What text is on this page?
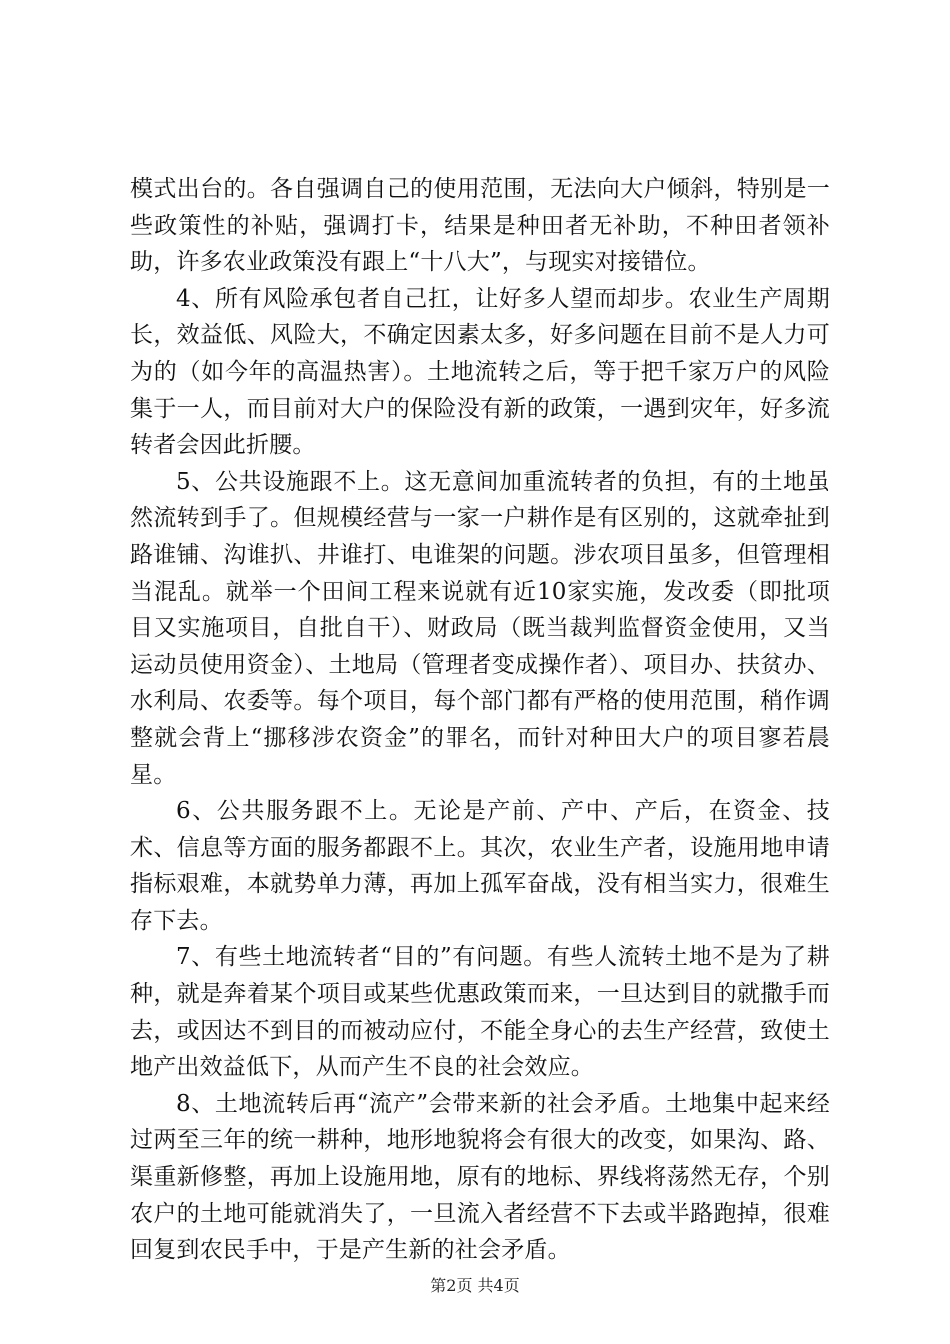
模式出台的。各自强调自己的使用范围，无法向大户倾斜，特别是一些政策性的补贴，强调打卡，结果是种田者无补助，不种田者领补助，许多农业政策没有跟上“十八大”，与现实对接错位。

4、所有风险承包者自己扛，让好多人望而却步。农业生产周期长，效益低、风险大，不确定因素太多，好多问题在目前不是人力可为的（如今年的高温热害）。土地流转之后，等于把千家万户的风险集于一人，而目前对大户的保险没有新的政策，一遇到灾年，好多流转者会因此折腰。

5、公共设施跟不上。这无意间加重流转者的负担，有的土地虽然流转到手了。但规模经营与一家一户耕作是有区别的，这就牵扯到路谁铺、沟谁扒、井谁打、电谁架的问题。涉农项目虽多，但管理相当混乱。就举一个田间工程来说就有近10家实施，发改委（即批项目又实施项目，自批自干）、财政局（既当裁判监督资金使用，又当运动员使用资金）、土地局（管理者变成操作者）、项目办、扶贫办、水利局、农委等。每个项目，每个部门都有严格的使用范围，稍作调整就会背上“挪移涉农资金”的罪名，而针对种田大户的项目寥若晨星。

6、公共服务跟不上。无论是产前、产中、产后，在资金、技术、信息等方面的服务都跟不上。其次，农业生产者，设施用地申请指标艰难，本就势单力薄，再加上孤军奋战，没有相当实力，很难生存下去。

7、有些土地流转者“目的”有问题。有些人流转土地不是为了耕种，就是奔着某个项目或某些优惠政策而来，一旦达到目的就撒手而去，或因达不到目的而被动应付，不能全身心的去生产经营，致使土地产出效益低下，从而产生不良的社会效应。

8、土地流转后再“流产”会带来新的社会矛盾。土地集中起来经过两至三年的统一耕种，地形地貌将会有很大的改变，如果沟、路、渠重新修整，再加上设施用地，原有的地标、界线将荡然无存，个别农户的土地可能就消失了，一旦流入者经营不下去或半路跑掉，很难回复到农民手中，于是产生新的社会矛盾。

第2页 共4页
